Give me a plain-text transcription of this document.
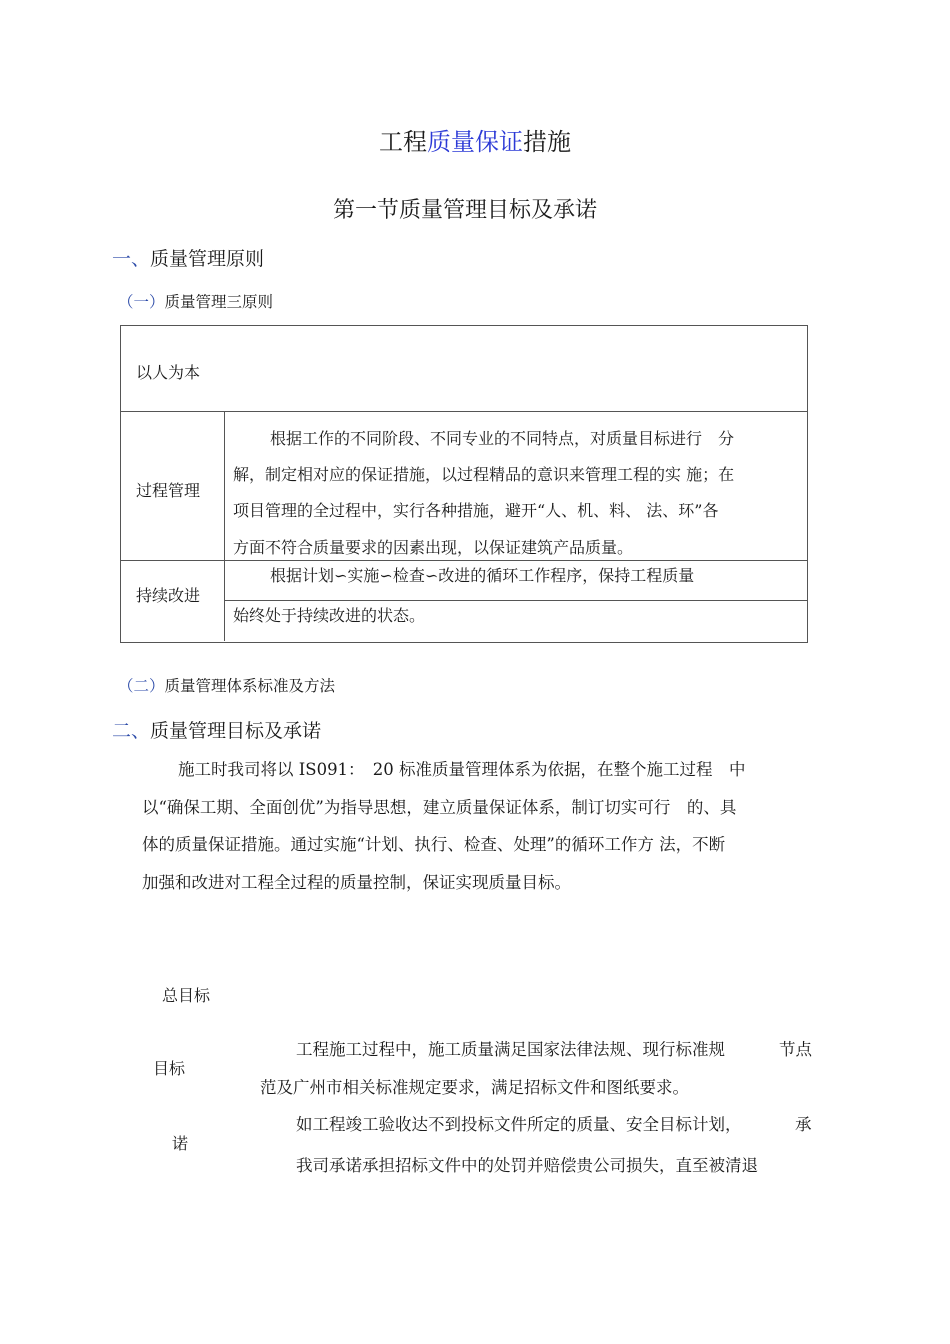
工程质量保证措施
第一节质量管理目标及承诺
一、质量管理原则
（一）质量管理三原则
以人为本
过程管理
根据工作的不同阶段、不同专业的不同特点，对质量目标进行　分
解，制定相对应的保证措施，以过程精品的意识来管理工程的实 施；在
项目管理的全过程中，实行各种措施，避开“人、机、料、 法、环”各
方面不符合质量要求的因素出现，以保证建筑产品质量。
持续改进
根据计划∽实施∽检查∽改进的循环工作程序，保持工程质量
始终处于持续改进的状态。
（二）质量管理体系标准及方法
二、质量管理目标及承诺
施工时我司将以 IS091：　20 标准质量管理体系为依据，在整个施工过程　中
以“确保工期、全面创优”为指导思想，建立质量保证体系，制订切实可行　的、具
体的质量保证措施。通过实施“计划、执行、检查、处理”的循环工作方 法，不断
加强和改进对工程全过程的质量控制，保证实现质量目标。
总目标
目标
工程施工过程中，施工质量满足国家法律法规、现行标准规	节点
范及广州市相关标准规定要求，满足招标文件和图纸要求。
诺
如工程竣工验收达不到投标文件所定的质量、安全目标计划，	承
我司承诺承担招标文件中的处罚并赔偿贵公司损失，直至被清退
